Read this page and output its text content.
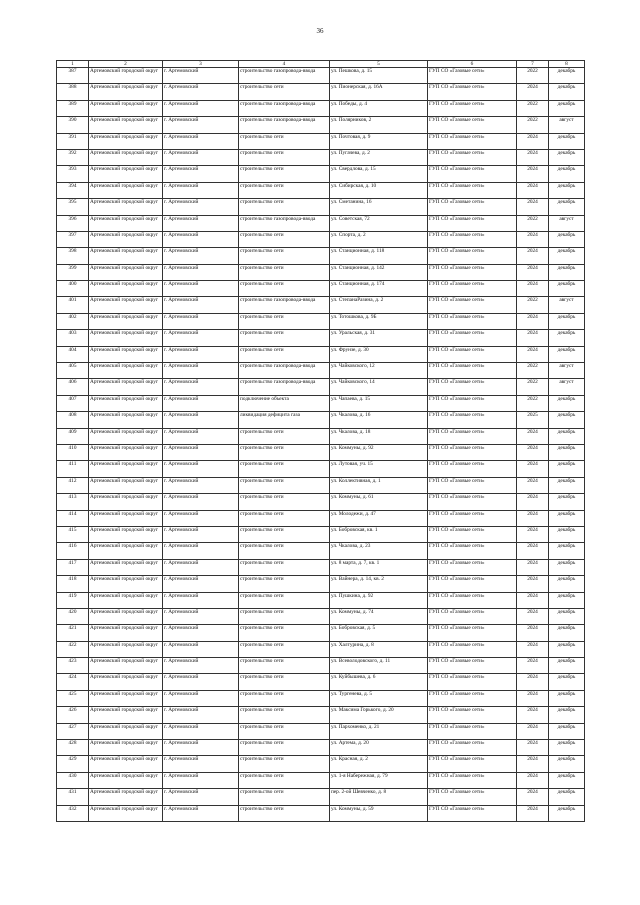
36
1	2	3	4	5	6	7	8
387	Артемовский городской округ	г. Артемовский	строительство газопровода-ввода	ул. Пешкова, д. 15	ГУП СО «Газовые сети»	2022	декабрь
388	Артемовский городской округ	г. Артемовский	строительство сети	ул. Пионерская, д. 16А	ГУП СО «Газовые сети»	2024	декабрь
389	Артемовский городской округ	г. Артемовский	строительство газопровода-ввода	ул. Победы, д. 4	ГУП СО «Газовые сети»	2022	декабрь
390	Артемовский городской округ	г. Артемовский	строительство газопровода-ввода	ул. Полярников, 2	ГУП СО «Газовые сети»	2022	август
391	Артемовский городской округ	г. Артемовский	строительство сети	ул. Почтовая, д. 9	ГУП СО «Газовые сети»	2024	декабрь
392	Артемовский городской округ	г. Артемовский	строительство сети	ул. Пугачева, д. 2	ГУП СО «Газовые сети»	2024	декабрь
393	Артемовский городской округ	г. Артемовский	строительство сети	ул. Свердлова, д. 15	ГУП СО «Газовые сети»	2024	декабрь
394	Артемовский городской округ	г. Артемовский	строительство сети	ул. Сибирская, д. 10	ГУП СО «Газовые сети»	2024	декабрь
395	Артемовский городской округ	г. Артемовский	строительство сети	ул. Сметанина, 16	ГУП СО «Газовые сети»	2024	декабрь
396	Артемовский городской округ	г. Артемовский	строительство газопровода-ввода	ул. Советская, 72	ГУП СО «Газовые сети»	2022	август
397	Артемовский городской округ	г. Артемовский	строительство сети	ул. Спорта, д. 2	ГУП СО «Газовые сети»	2024	декабрь
398	Артемовский городской округ	г. Артемовский	строительство сети	ул. Станционная, д. 118	ГУП СО «Газовые сети»	2024	декабрь
399	Артемовский городской округ	г. Артемовский	строительство сети	ул. Станционная, д. 142	ГУП СО «Газовые сети»	2024	декабрь
400	Артемовский городской округ	г. Артемовский	строительство сети	ул. Станционная, д. 174	ГУП СО «Газовые сети»	2024	декабрь
401	Артемовский городской округ	г. Артемовский	строительство газопровода-ввода	ул. СтепанаРазина, д. 2	ГУП СО «Газовые сети»	2022	август
402	Артемовский городской округ	г. Артемовский	строительство сети	ул. Тотошкова, д. 9Б	ГУП СО «Газовые сети»	2024	декабрь
403	Артемовский городской округ	г. Артемовский	строительство сети	ул. Уральская, д. 31	ГУП СО «Газовые сети»	2024	декабрь
404	Артемовский городской округ	г. Артемовский	строительство сети	ул. Фрунзе, д. 30	ГУП СО «Газовые сети»	2024	декабрь
405	Артемовский городской округ	г. Артемовский	строительство газопровода-ввода	ул. Чайковского, 12	ГУП СО «Газовые сети»	2022	август
406	Артемовский городской округ	г. Артемовский	строительство газопровода-ввода	ул. Чайковского, 14	ГУП СО «Газовые сети»	2022	август
407	Артемовский городской округ	г. Артемовский	подключение объекта	ул. Чапаева, д. 15	ГУП СО «Газовые сети»	2022	декабрь
408	Артемовский городской округ	г. Артемовский	ликвидация дефицита газа	ул. Чкалова, д. 16	ГУП СО «Газовые сети»	2025	декабрь
409	Артемовский городской округ	г. Артемовский	строительство сети	ул. Чкалова, д. 18	ГУП СО «Газовые сети»	2024	декабрь
410	Артемовский городской округ	г. Артемовский	строительство сети	ул. Коммуны, д. 92	ГУП СО «Газовые сети»	2024	декабрь
411	Артемовский городской округ	г. Артемовский	строительство сети	ул. Лутовая, уч. 15	ГУП СО «Газовые сети»	2024	декабрь
412	Артемовский городской округ	г. Артемовский	строительство сети	ул. Коллективная, д. 1	ГУП СО «Газовые сети»	2024	декабрь
413	Артемовский городской округ	г. Артемовский	строительство сети	ул. Коммуны, д. 61	ГУП СО «Газовые сети»	2024	декабрь
414	Артемовский городской округ	г. Артемовский	строительство сети	ул. Молодежи, д. 47	ГУП СО «Газовые сети»	2024	декабрь
415	Артемовский городской округ	г. Артемовский	строительство сети	ул. Бобровская, кв. 1	ГУП СО «Газовые сети»	2024	декабрь
416	Артемовский городской округ	г. Артемовский	строительство сети	ул. Чкалова, д. 23	ГУП СО «Газовые сети»	2024	декабрь
417	Артемовский городской округ	г. Артемовский	строительство сети	ул. 8 марта, д. 7, кв. 1	ГУП СО «Газовые сети»	2024	декабрь
418	Артемовский городской округ	г. Артемовский	строительство сети	ул. Вайнера, д. 14, кв. 2	ГУП СО «Газовые сети»	2024	декабрь
419	Артемовский городской округ	г. Артемовский	строительство сети	ул. Пушкина, д. 92	ГУП СО «Газовые сети»	2024	декабрь
420	Артемовский городской округ	г. Артемовский	строительство сети	ул. Коммуны, д. 74	ГУП СО «Газовые сети»	2024	декабрь
421	Артемовский городской округ	г. Артемовский	строительство сети	ул. Бобровская, д. 5	ГУП СО «Газовые сети»	2024	декабрь
422	Артемовский городской округ	г. Артемовский	строительство сети	ул. Халтурина, д. 8	ГУП СО «Газовые сети»	2024	декабрь
423	Артемовский городской округ	г. Артемовский	строительство сети	ул. Всеволодовского, д. 11	ГУП СО «Газовые сети»	2024	декабрь
424	Артемовский городской округ	г. Артемовский	строительство сети	ул. Куйбышева, д. 6	ГУП СО «Газовые сети»	2024	декабрь
425	Артемовский городской округ	г. Артемовский	строительство сети	ул. Тургенева, д. 5	ГУП СО «Газовые сети»	2024	декабрь
426	Артемовский городской округ	г. Артемовский	строительство сети	ул. Максима Горького, д. 20	ГУП СО «Газовые сети»	2024	декабрь
427	Артемовский городской округ	г. Артемовский	строительство сети	ул. Пархоменко, д. 21	ГУП СО «Газовые сети»	2024	декабрь
428	Артемовский городской округ	г. Артемовский	строительство сети	ул. Артема, д. 20	ГУП СО «Газовые сети»	2024	декабрь
429	Артемовский городской округ	г. Артемовский	строительство сети	ул. Красная, д. 2	ГУП СО «Газовые сети»	2024	декабрь
430	Артемовский городской округ	г. Артемовский	строительство сети	ул. 1-я Набережная, д. 79	ГУП СО «Газовые сети»	2024	декабрь
431	Артемовский городской округ	г. Артемовский	строительство сети	пер. 2-ой Шевченко, д. 8	ГУП СО «Газовые сети»	2024	декабрь
432	Артемовский городской округ	г. Артемовский	строительство сети	ул. Коммуны, д. 59	ГУП СО «Газовые сети»	2024	декабрь
